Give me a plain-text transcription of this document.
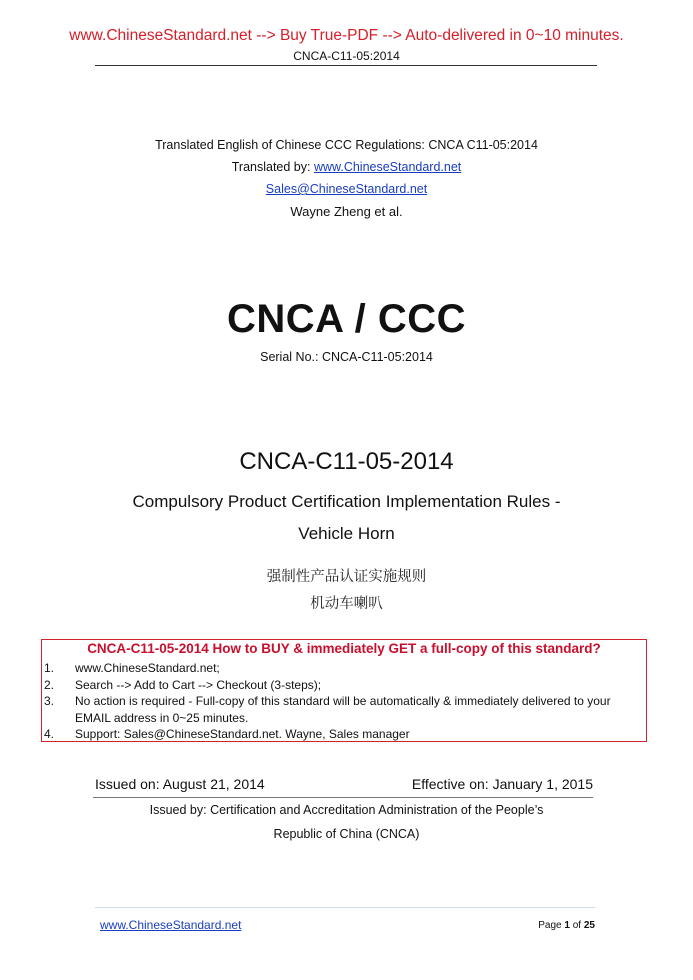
www.ChineseStandard.net --> Buy True-PDF --> Auto-delivered in 0~10 minutes.
CNCA-C11-05:2014
Translated English of Chinese CCC Regulations: CNCA C11-05:2014
Translated by: www.ChineseStandard.net
Sales@ChineseStandard.net
Wayne Zheng et al.
CNCA / CCC
Serial No.: CNCA-C11-05:2014
CNCA-C11-05-2014
Compulsory Product Certification Implementation Rules -
Vehicle Horn
强制性产品认证实施规则
机动车喇叭
CNCA-C11-05-2014 How to BUY & immediately GET a full-copy of this standard?
1. www.ChineseStandard.net;
2. Search --> Add to Cart --> Checkout (3-steps);
3. No action is required - Full-copy of this standard will be automatically & immediately delivered to your EMAIL address in 0~25 minutes.
4. Support: Sales@ChineseStandard.net. Wayne, Sales manager
Issued on: August 21, 2014	Effective on: January 1, 2015
Issued by: Certification and Accreditation Administration of the People’s
Republic of China (CNCA)
www.ChineseStandard.net	Page 1 of 25
